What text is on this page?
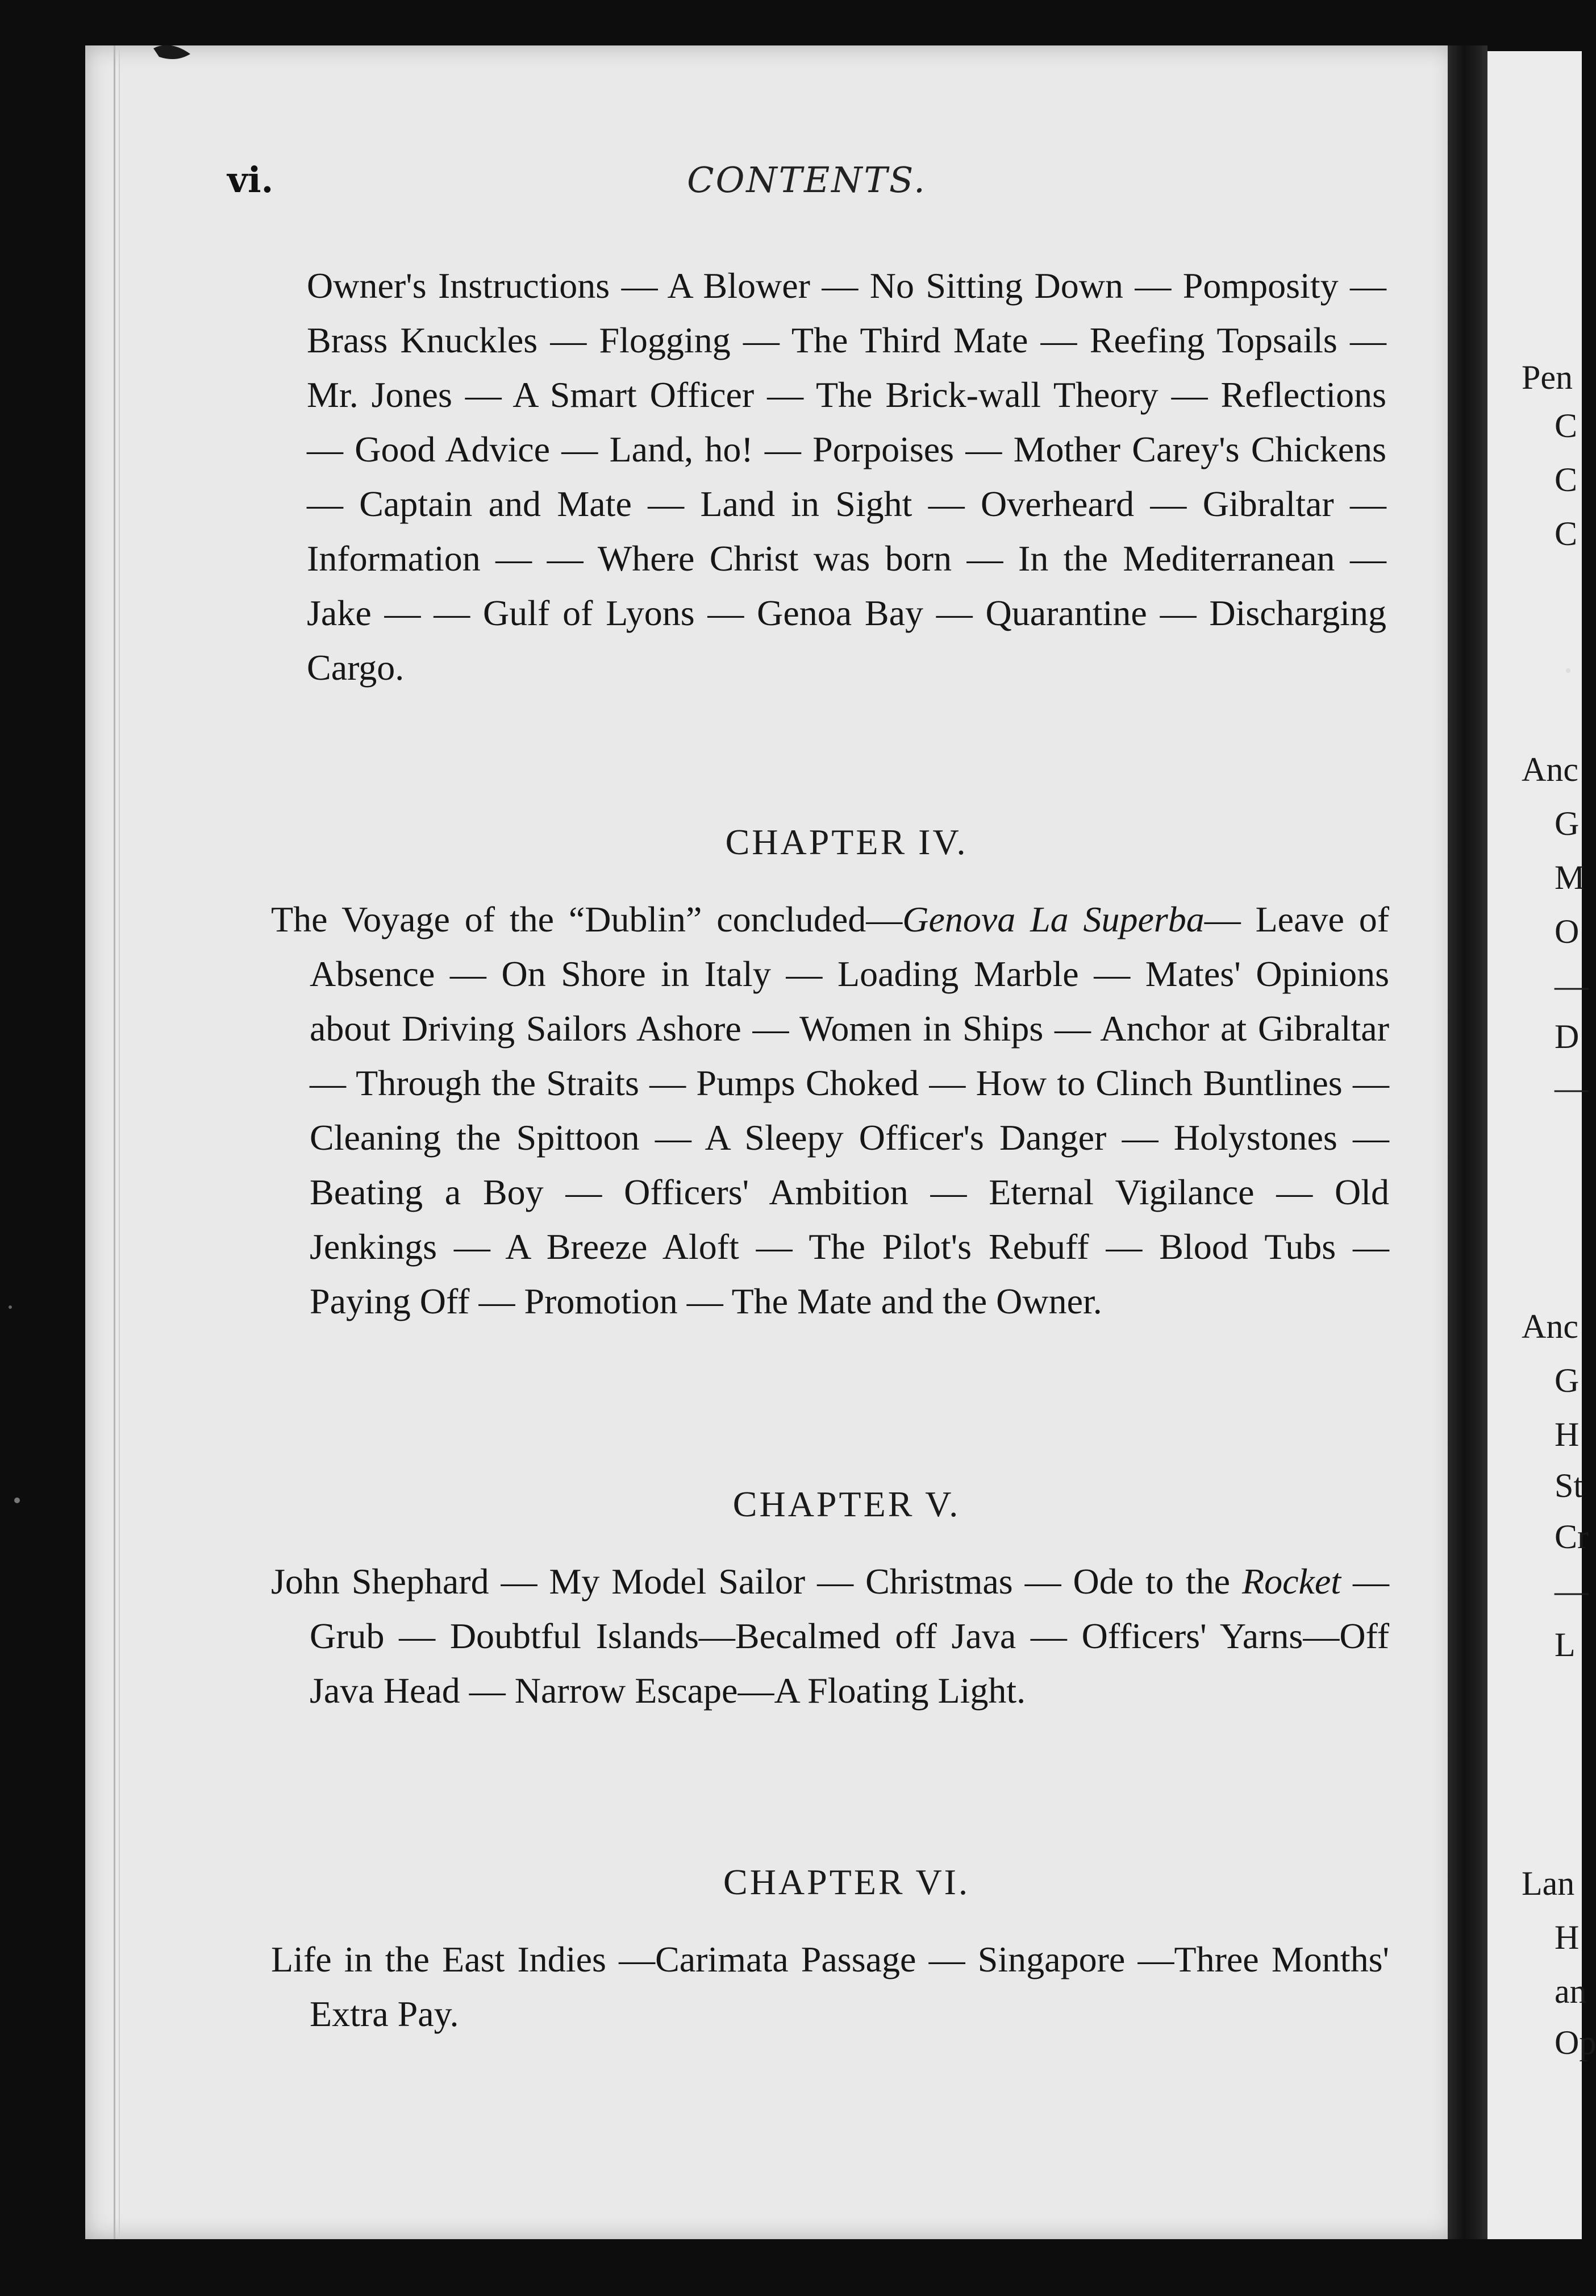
Pen
C
C
C
Anc
G
M
O
—
D
—
Anc
G
H
St
Cr
—
L
Lan
H
an
Op
vi.	CONTENTS.
Owner's Instructions — A Blower — No Sitting Down — Pomposity — Brass Knuckles — Flogging — The Third Mate — Reefing Topsails — Mr. Jones — A Smart Officer — The Brick-wall Theory — Reflections — Good Advice — Land, ho! — Porpoises — Mother Carey's Chickens — Captain and Mate — Land in Sight — Overheard — Gibraltar — Information — — Where Christ was born — In the Mediterranean — Jake — — Gulf of Lyons — Genoa Bay — Quarantine — Discharging Cargo.
CHAPTER IV.
The Voyage of the “Dublin” concluded—Genova La Superba— Leave of Absence — On Shore in Italy — Loading Marble — Mates' Opinions about Driving Sailors Ashore — Women in Ships — Anchor at Gibraltar — Through the Straits — Pumps Choked — How to Clinch Buntlines — Cleaning the Spittoon — A Sleepy Officer's Danger — Holystones — Beating a Boy — Officers' Ambition — Eternal Vigilance — Old Jenkings — A Breeze Aloft — The Pilot's Rebuff — Blood Tubs — Paying Off — Promotion — The Mate and the Owner.
CHAPTER V.
John Shephard — My Model Sailor — Christmas — Ode to the Rocket — Grub — Doubtful Islands—Becalmed off Java — Officers' Yarns—Off Java Head — Narrow Escape—A Floating Light.
CHAPTER VI.
Life in the East Indies —Carimata Passage — Singapore —Three Months' Extra Pay.
